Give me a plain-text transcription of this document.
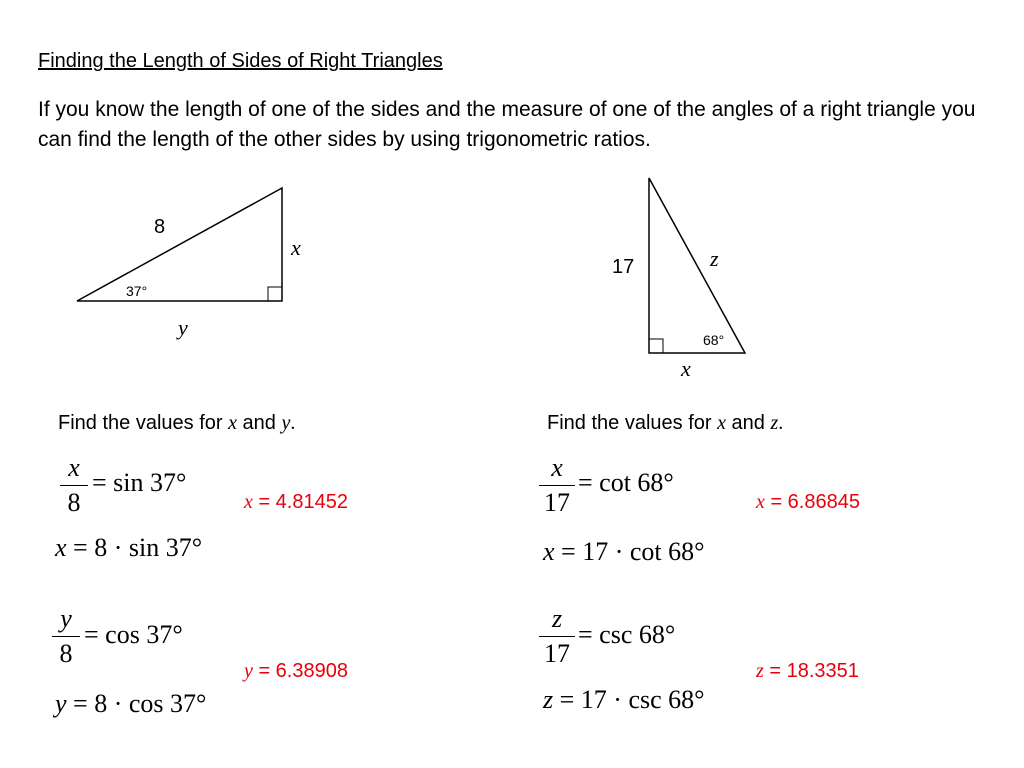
Finding the Length of Sides of Right Triangles
If you know the length of one of the sides and the measure of one of the angles of a right triangle you can find the length of the other sides by using trigonometric ratios.
8
x
y
37°
17	z
x
68°
Find the values for x and y.
x
8
= sin 37°
x = 8 · sin 37°
y
8
= cos 37°
y = 8 · cos 37°
x = 4.81452
y = 6.38908
Find the values for x and z.
x
17
= cot 68°
x = 17 · cot 68°
z
17
= csc 68°
z = 17 · csc 68°
x = 6.86845
z = 18.3351
